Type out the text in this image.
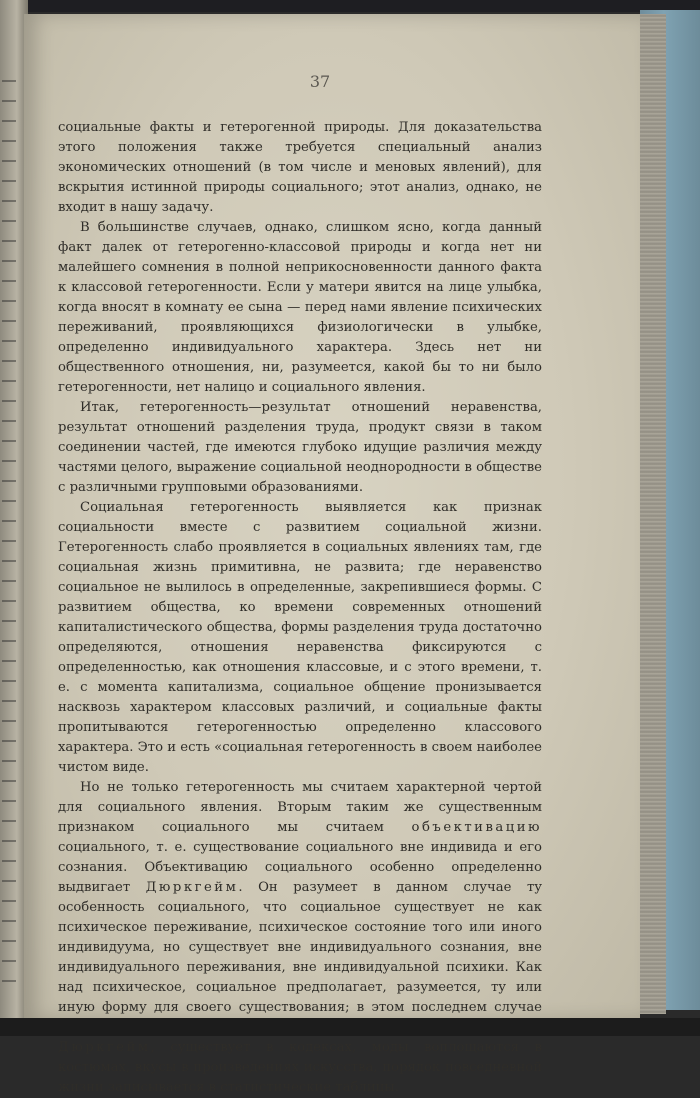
37

социальные факты и гетерогенной природы. Для доказательства этого положения также требуется специальный анализ экономических отношений (в том числе и меновых явлений), для вскрытия истинной природы социального; этот анализ, однако, не входит в нашу задачу.

В большинстве случаев, однако, слишком ясно, когда данный факт далек от гетерогенно-классовой природы и когда нет ни малейшего сомнения в полной неприкосновенности данного факта к классовой гетерогенности. Если у матери явится на лице улыбка, когда вносят в комнату ее сына — перед нами явление психических переживаний, проявляющихся физиологически в улыбке, определенно индивидуального характера. Здесь нет ни общественного отношения, ни, разумеется, какой бы то ни было гетерогенности, нет налицо и социального явления.

Итак, гетерогенность—результат отношений неравенства, результат отношений разделения труда, продукт связи в таком соединении частей, где имеются глубоко идущие различия между частями целого, выражение социальной неоднородности в обществе с различными групповыми образованиями.

Социальная гетерогенность выявляется как признак социальности вместе с развитием социальной жизни. Гетерогенность слабо проявляется в социальных явлениях там, где социальная жизнь примитивна, не развита; где неравенство социальное не вылилось в определенные, закрепившиеся формы. С развитием общества, ко времени современных отношений капиталистического общества, формы разделения труда достаточно определяются, отношения неравенства фиксируются с определенностью, как отношения классовые, и с этого времени, т. е. с момента капитализма, социальное общение пронизывается насквозь характером классовых различий, и социальные факты пропитываются гетерогенностью определенно классового характера. Это и есть «социальная гетерогенность в своем наиболее чистом виде.

Но не только гетерогенность мы считаем характерной чертой для социального явления. Вторым таким же существенным признаком социального мы считаем объективацию социального, т. е. существование социального вне индивида и его сознания. Объективацию социального особенно определенно выдвигает Дюркгейм. Он разумеет в данном случае ту особенность социального, что социальное существует не как психическое переживание, психическое состояние того или иного индивидуума, но существует вне индивидуального сознания, вне индивидуального переживания, вне индивидуальной психики. Как над психическое, социальное предполагает, разумеется, ту или иную форму для своего существования; в этом последнем случае Дюркгейм, существует в кодексах, моды воплощаются в костюмах, вкусы в произведениях искусства, порядок повседневной жизни записывается в статистические таблицы.
